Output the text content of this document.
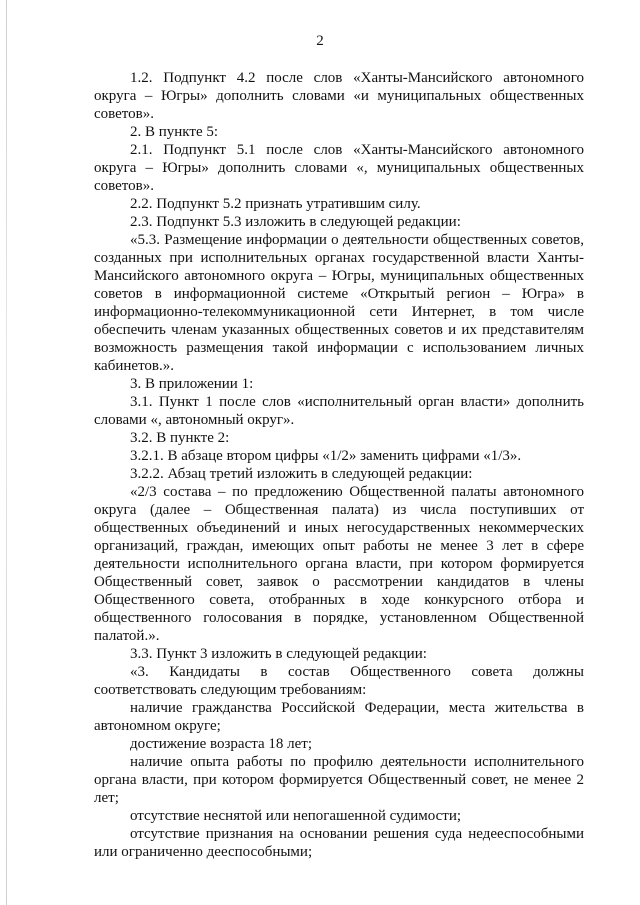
2

1.2. Подпункт 4.2 после слов «Ханты-Мансийского автономного округа – Югры» дополнить словами «и муниципальных общественных советов».

2. В пункте 5:

2.1. Подпункт 5.1 после слов «Ханты-Мансийского автономного округа – Югры» дополнить словами «, муниципальных общественных советов».

2.2. Подпункт 5.2 признать утратившим силу.

2.3. Подпункт 5.3 изложить в следующей редакции:

«5.3. Размещение информации о деятельности общественных советов, созданных при исполнительных органах государственной власти Ханты-Мансийского автономного округа – Югры, муниципальных общественных советов в информационной системе «Открытый регион – Югра» в информационно-телекоммуникационной сети Интернет, в том числе обеспечить членам указанных общественных советов и их представителям возможность размещения такой информации с использованием личных кабинетов.».

3. В приложении 1:

3.1. Пункт 1 после слов «исполнительный орган власти» дополнить словами «, автономный округ».

3.2. В пункте 2:

3.2.1. В абзаце втором цифры «1/2» заменить цифрами «1/3».

3.2.2. Абзац третий изложить в следующей редакции:

«2/3 состава – по предложению Общественной палаты автономного округа (далее – Общественная палата) из числа поступивших от общественных объединений и иных негосударственных некоммерческих организаций, граждан, имеющих опыт работы не менее 3 лет в сфере деятельности исполнительного органа власти, при котором формируется Общественный совет, заявок о рассмотрении кандидатов в члены Общественного совета, отобранных в ходе конкурсного отбора и общественного голосования в порядке, установленном Общественной палатой.».

3.3. Пункт 3 изложить в следующей редакции:

«3. Кандидаты в состав Общественного совета должны соответствовать следующим требованиям:

наличие гражданства Российской Федерации, места жительства в автономном округе;

достижение возраста 18 лет;

наличие опыта работы по профилю деятельности исполнительного органа власти, при котором формируется Общественный совет, не менее 2 лет;

отсутствие неснятой или непогашенной судимости;

отсутствие признания на основании решения суда недееспособными или ограниченно дееспособными;
